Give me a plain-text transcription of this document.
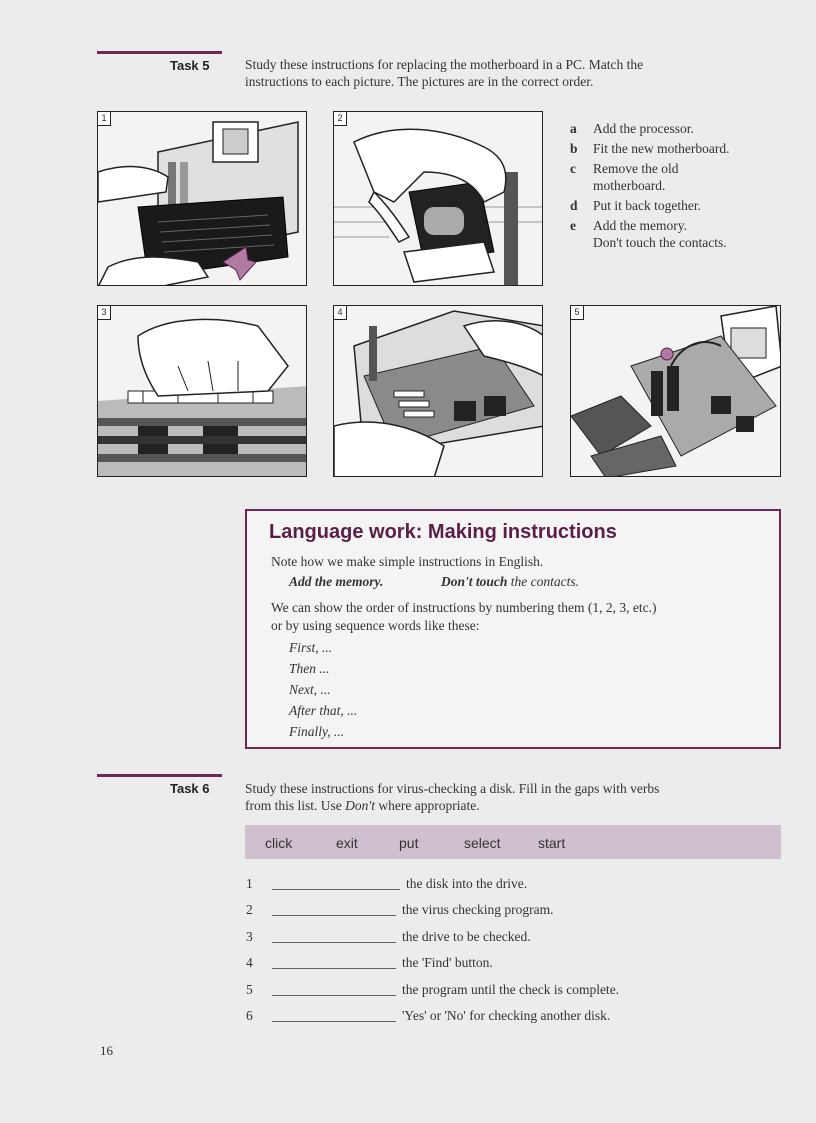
Task 5	Study these instructions for replacing the motherboard in a PC. Match the
instructions to each picture. The pictures are in the correct order.
1	2
a	Add the processor.
b	Fit the new motherboard.
c	Remove the old
motherboard.
d	Put it back together.
e	Add the memory.
Don't touch the contacts.
3	4	5
Language work: Making instructions
Note how we make simple instructions in English.
Add the memory.	Don't touch the contacts.
We can show the order of instructions by numbering them (1, 2, 3, etc.)
or by using sequence words like these:
First, ...
Then ...
Next, ...
After that, ...
Finally, ...
Task 6	Study these instructions for virus-checking a disk. Fill in the gaps with verbs
from this list. Use Don't where appropriate.
click	exit	put	select	start
1	the disk into the drive.
2	the virus checking program.
3	the drive to be checked.
4	the 'Find' button.
5	the program until the check is complete.
6	'Yes' or 'No' for checking another disk.
16
